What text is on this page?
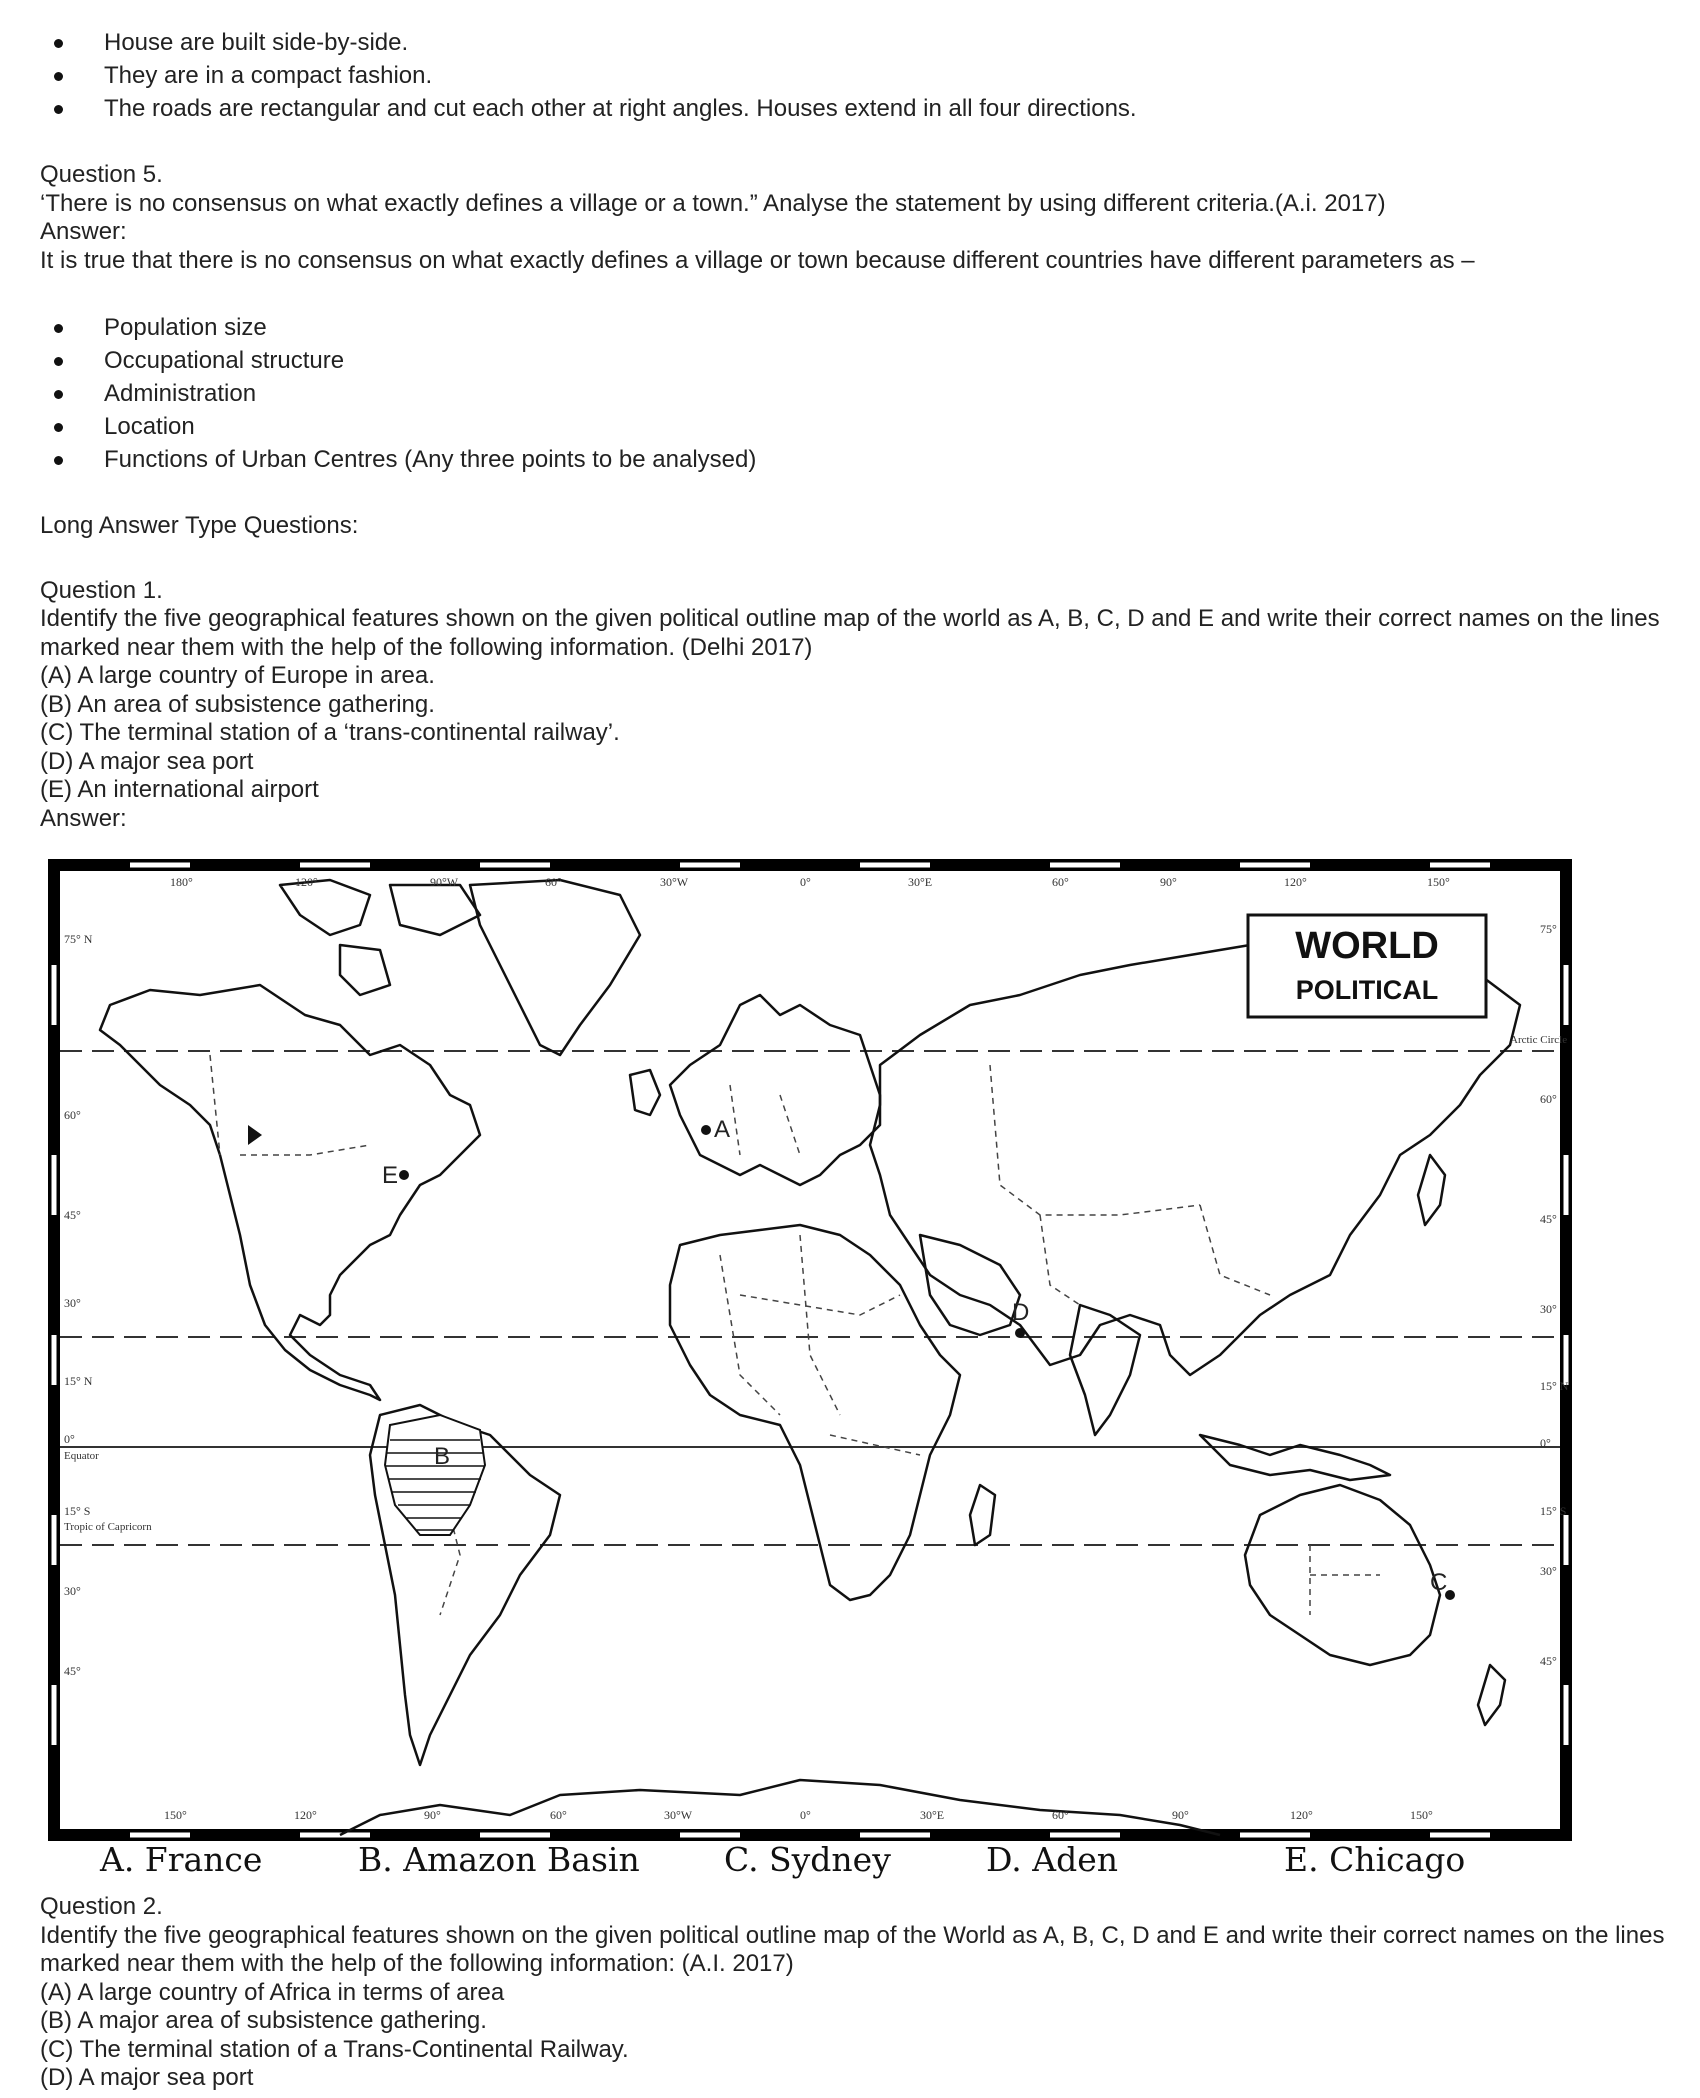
House are built side-by-side.
They are in a compact fashion.
The roads are rectangular and cut each other at right angles. Houses extend in all four directions.

Question 5.

‘There is no consensus on what exactly defines a village or a town.” Analyse the statement by using different criteria.(A.i. 2017)

Answer:

It is true that there is no consensus on what exactly defines a village or town because different countries have different parameters as –

Population size
Occupational structure
Administration
Location
Functions of Urban Centres (Any three points to be analysed)

Long Answer Type Questions:

Question 1.

Identify the five geographical features shown on the given political outline map of the world as A, B, C, D and E and write their correct names on the lines marked near them with the help of the following information. (Delhi 2017)

(A) A large country of Europe in area.

(B) An area of subsistence gathering.

(C) The terminal station of a ‘trans-continental railway’.

(D) A major sea port

(E) An international airport

Answer:

A
B
C
D
E
WORLD
POLITICAL
Arctic Circle
Equator
Tropic of Capricorn
180°	120°	90°W	60°	30°W	0°	30°E	60°	90°	120°	150°
150°	120°	90°	60°	30°W	0°	30°E	60°	90°	120°	150°
75° N
60°
45°
30°
15° N
0°
15° S
30°
45°
75°
60°
45°
30°
15° N
0°
15° S
30°
45°
A. France	B. Amazon Basin	C. Sydney	D. Aden	E. Chicago

Question 2.

Identify the five geographical features shown on the given political outline map of the World as A, B, C, D and E and write their correct names on the lines marked near them with the help of the following information: (A.I. 2017)

(A) A large country of Africa in terms of area

(B) A major area of subsistence gathering.

(C) The terminal station of a Trans-Continental Railway.

(D) A major sea port
